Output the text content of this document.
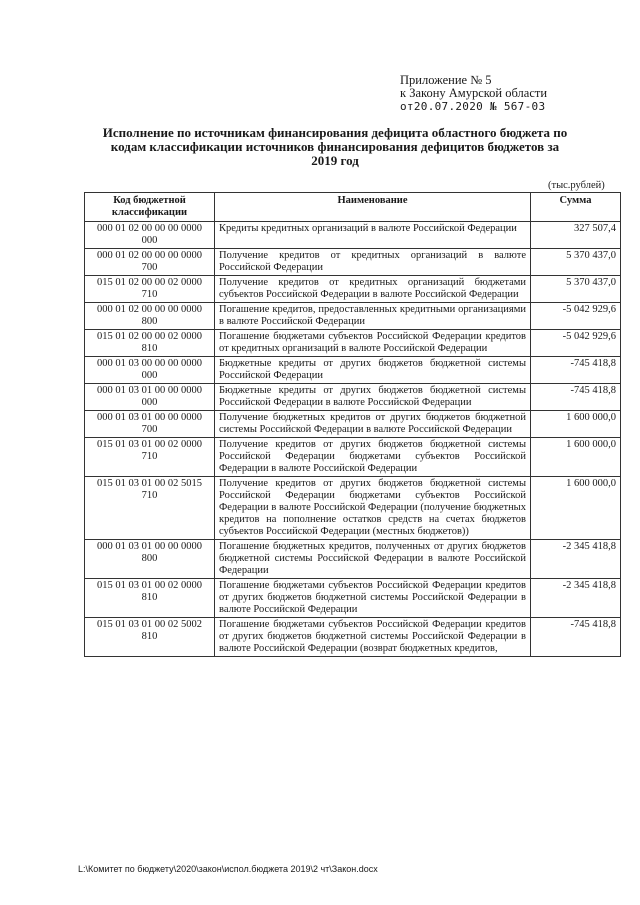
Приложение № 5
к Закону Амурской области
от20.07.2020 № 567-03
Исполнение по источникам финансирования дефицита областного бюджета по кодам классификации источников финансирования дефицитов бюджетов за 2019 год
(тыс.рублей)
Код бюджетной классификации	Наименование	Сумма
000 01 02 00 00 00 0000 000	Кредиты кредитных организаций в валюте Российской Федерации	327 507,4
000 01 02 00 00 00 0000 700	Получение кредитов от кредитных организаций в валюте Российской Федерации	5 370 437,0
015 01 02 00 00 02 0000 710	Получение кредитов от кредитных организаций бюджетами субъектов Российской Федерации в валюте Российской Федерации	5 370 437,0
000 01 02 00 00 00 0000 800	Погашение кредитов, предоставленных кредитными организациями в валюте Российской Федерации	-5 042 929,6
015 01 02 00 00 02 0000 810	Погашение бюджетами субъектов Российской Федерации кредитов от кредитных организаций в валюте Российской Федерации	-5 042 929,6
000 01 03 00 00 00 0000 000	Бюджетные кредиты от других бюджетов бюджетной системы Российской Федерации	-745 418,8
000 01 03 01 00 00 0000 000	Бюджетные кредиты от других бюджетов бюджетной системы Российской Федерации в валюте Российской Федерации	-745 418,8
000 01 03 01 00 00 0000 700	Получение бюджетных кредитов от других бюджетов бюджетной системы Российской Федерации в валюте Российской Федерации	1 600 000,0
015 01 03 01 00 02 0000 710	Получение кредитов от других бюджетов бюджетной системы Российской Федерации бюджетами субъектов Российской Федерации в валюте Российской Федерации	1 600 000,0
015 01 03 01 00 02 5015 710	Получение кредитов от других бюджетов бюджетной системы Российской Федерации бюджетами субъектов Российской Федерации в валюте Российской Федерации (получение бюджетных кредитов на пополнение остатков средств на счетах бюджетов субъектов Российской Федерации (местных бюджетов))	1 600 000,0
000 01 03 01 00 00 0000 800	Погашение бюджетных кредитов, полученных от других бюджетов бюджетной системы Российской Федерации в валюте Российской Федерации	-2 345 418,8
015 01 03 01 00 02 0000 810	Погашение бюджетами субъектов Российской Федерации кредитов от других бюджетов бюджетной системы Российской Федерации в валюте Российской Федерации	-2 345 418,8
015 01 03 01 00 02 5002 810	Погашение бюджетами субъектов Российской Федерации кредитов от других бюджетов бюджетной системы Российской Федерации в валюте Российской Федерации (возврат бюджетных кредитов,	-745 418,8
L:\Комитет по бюджету\2020\закон\испол.бюджета 2019\2 чт\Закон.docx
